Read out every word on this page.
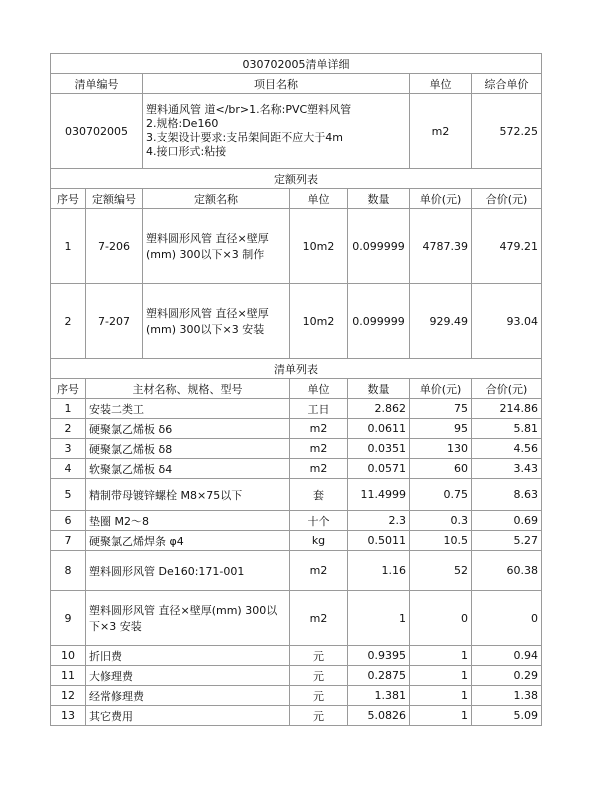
030702005清单详细						
清单编号		项目名称			单位	综合单价
030702005		塑料通风管 道</br>1.名称:PVC塑料风管
2.规格:De160
3.支架设计要求:支吊架间距不应大于4m
4.接口形式:粘接			m2	572.25
定额列表						
序号	定额编号	定额名称	单位	数量	单价(元)	合价(元)
1	7-206	塑料圆形风管 直径×壁厚(mm) 300以下×3 制作	10m2	0.099999	4787.39	479.21
2	7-207	塑料圆形风管 直径×壁厚(mm) 300以下×3 安装	10m2	0.099999	929.49	93.04
清单列表						
序号	主材名称、规格、型号		单位	数量	单价(元)	合价(元)
1	安装二类工		工日	2.862	75	214.86
2	硬聚氯乙烯板 δ6		m2	0.0611	95	5.81
3	硬聚氯乙烯板 δ8		m2	0.0351	130	4.56
4	软聚氯乙烯板 δ4		m2	0.0571	60	3.43
5	精制带母镀锌螺栓 M8×75以下		套	11.4999	0.75	8.63
6	垫圈 M2～8		十个	2.3	0.3	0.69
7	硬聚氯乙烯焊条 φ4		kg	0.5011	10.5	5.27
8	塑料圆形风管 De160:171-001		m2	1.16	52	60.38
9	塑料圆形风管 直径×壁厚(mm) 300以下×3 安装		m2	1	0	0
10	折旧费		元	0.9395	1	0.94
11	大修理费		元	0.2875	1	0.29
12	经常修理费		元	1.381	1	1.38
13	其它费用		元	5.0826	1	5.09
